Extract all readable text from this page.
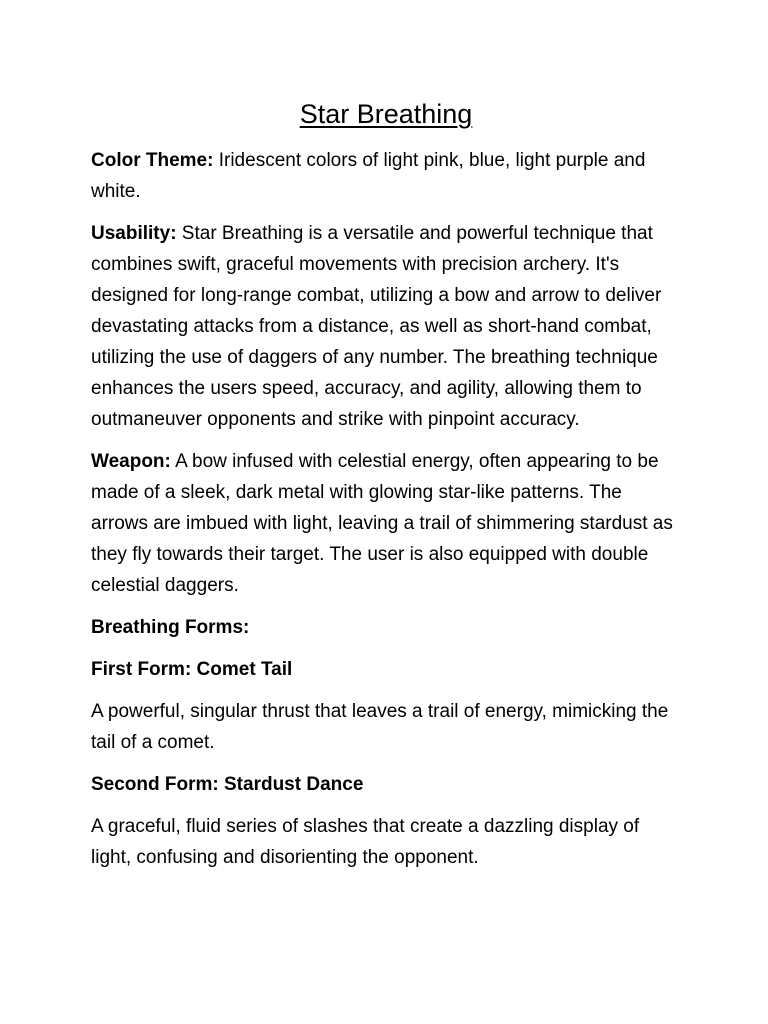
Star Breathing

Color Theme: Iridescent colors of light pink, blue, light purple and white.

Usability: Star Breathing is a versatile and powerful technique that combines swift, graceful movements with precision archery. It's designed for long-range combat, utilizing a bow and arrow to deliver devastating attacks from a distance, as well as short-hand combat, utilizing the use of daggers of any number. The breathing technique enhances the users speed, accuracy, and agility, allowing them to outmaneuver opponents and strike with pinpoint accuracy.

Weapon: A bow infused with celestial energy, often appearing to be made of a sleek, dark metal with glowing star-like patterns. The arrows are imbued with light, leaving a trail of shimmering stardust as they fly towards their target. The user is also equipped with double celestial daggers.

Breathing Forms:

First Form: Comet Tail

A powerful, singular thrust that leaves a trail of energy, mimicking the tail of a comet.

Second Form: Stardust Dance

A graceful, fluid series of slashes that create a dazzling display of light, confusing and disorienting the opponent.
